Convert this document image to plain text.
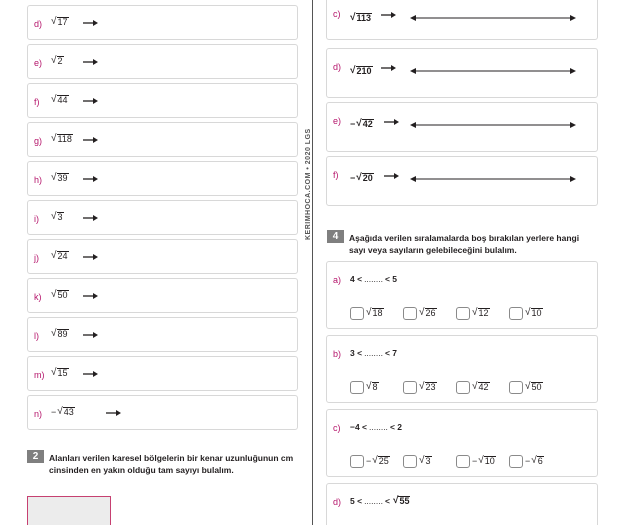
d) √ 17
e) √ 2
f) √ 44
g) √ 118
h) √ 39
i) √ 3
j) √ 24
k) √ 50
l) √ 89
m) √ 15
n) − √ 43
2	Alanları verilen karesel bölgelerin bir kenar uzunluğunun cm
cinsinden en yakın olduğu tam sayıyı bulalım.
KERIMHOCA.COM • 2020 LGS
c) √ 113
d) √ 210
e) − √ 42
f) − √ 20
4	Aşağıda verilen sıralamalarda boş bırakılan yerlere hangi
sayı veya sayıların gelebileceğini bulalım.
a) 4 < ........ < 5
√ 18	√ 26	√ 12	√ 10
b) 3 < ........ < 7
√ 8	√ 23	√ 42	√ 50
c) −4 < ........ < 2
− √ 25	√ 3	− √ 10	− √ 6
d) 5 < ........ < √ 55
